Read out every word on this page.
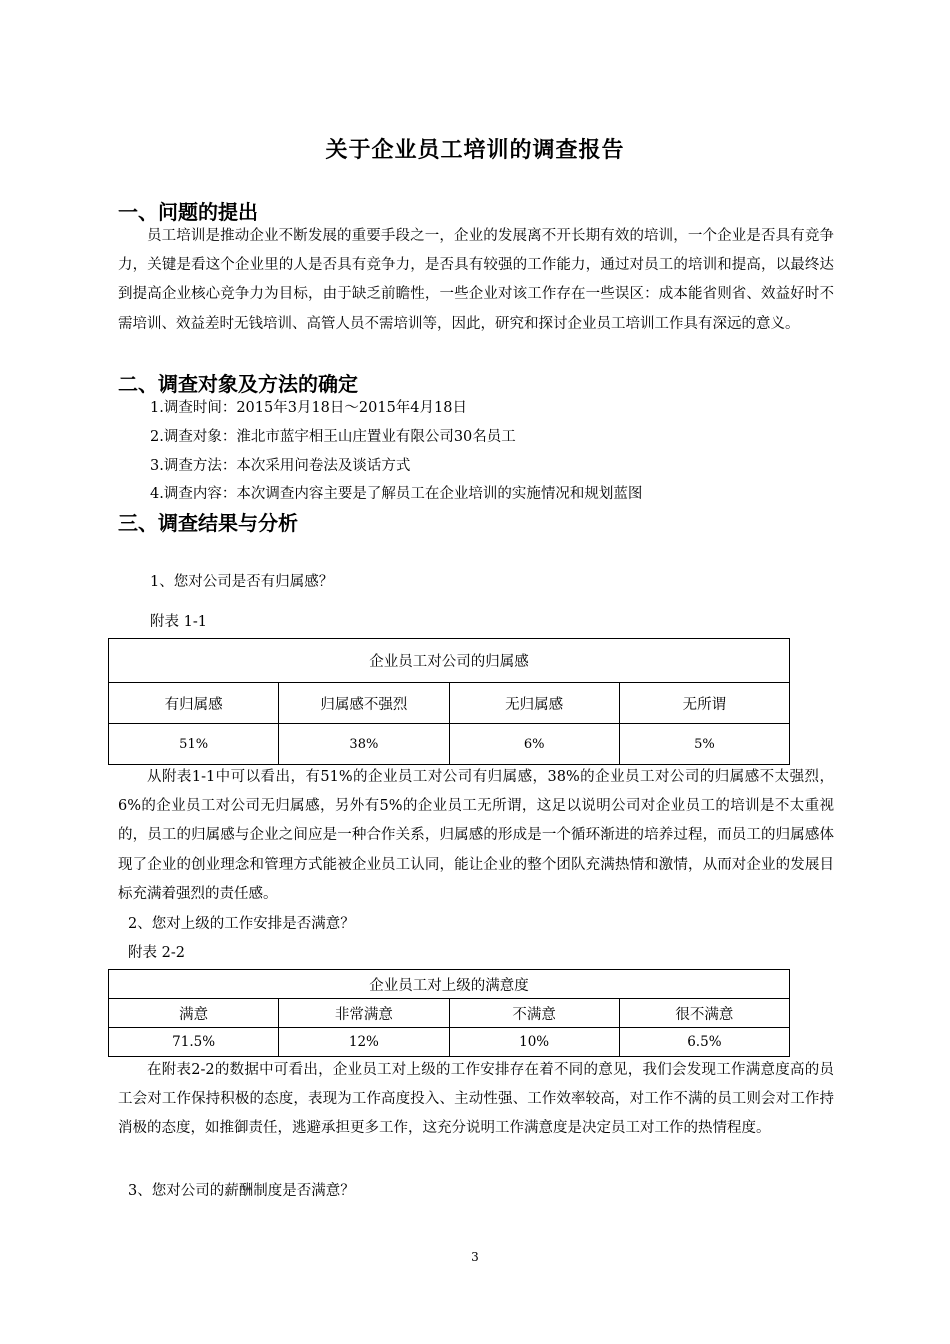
关于企业员工培训的调查报告
一、问题的提出
员工培训是推动企业不断发展的重要手段之一，企业的发展离不开长期有效的培训，一个企业是否具有竞争力，关键是看这个企业里的人是否具有竞争力，是否具有较强的工作能力，通过对员工的培训和提高，以最终达到提高企业核心竞争力为目标，由于缺乏前瞻性，一些企业对该工作存在一些误区：成本能省则省、效益好时不需培训、效益差时无钱培训、高管人员不需培训等，因此，研究和探讨企业员工培训工作具有深远的意义。
二、调查对象及方法的确定
1.调查时间：2015年3月18日～2015年4月18日
2.调查对象：淮北市蓝宇相王山庄置业有限公司30名员工
3.调查方法：本次采用问卷法及谈话方式
4.调查内容：本次调查内容主要是了解员工在企业培训的实施情况和规划蓝图
三、调查结果与分析
1、您对公司是否有归属感？
附表 1-1
企业员工对公司的归属感			
有归属感	归属感不强烈	无归属感	无所谓
51%	38%	6%	5%
从附表1-1中可以看出，有51%的企业员工对公司有归属感，38%的企业员工对公司的归属感不太强烈，6%的企业员工对公司无归属感，另外有5%的企业员工无所谓，这足以说明公司对企业员工的培训是不太重视的，员工的归属感与企业之间应是一种合作关系，归属感的形成是一个循环渐进的培养过程，而员工的归属感体现了企业的创业理念和管理方式能被企业员工认同，能让企业的整个团队充满热情和激情，从而对企业的发展目标充满着强烈的责任感。
2、您对上级的工作安排是否满意？
附表 2-2
企业员工对上级的满意度			
满意	非常满意	不满意	很不满意
71.5%	12%	10%	6.5%
在附表2-2的数据中可看出，企业员工对上级的工作安排存在着不同的意见，我们会发现工作满意度高的员工会对工作保持积极的态度，表现为工作高度投入、主动性强、工作效率较高，对工作不满的员工则会对工作持消极的态度，如推御责任，逃避承担更多工作，这充分说明工作满意度是决定员工对工作的热情程度。
3、您对公司的薪酬制度是否满意？
3
